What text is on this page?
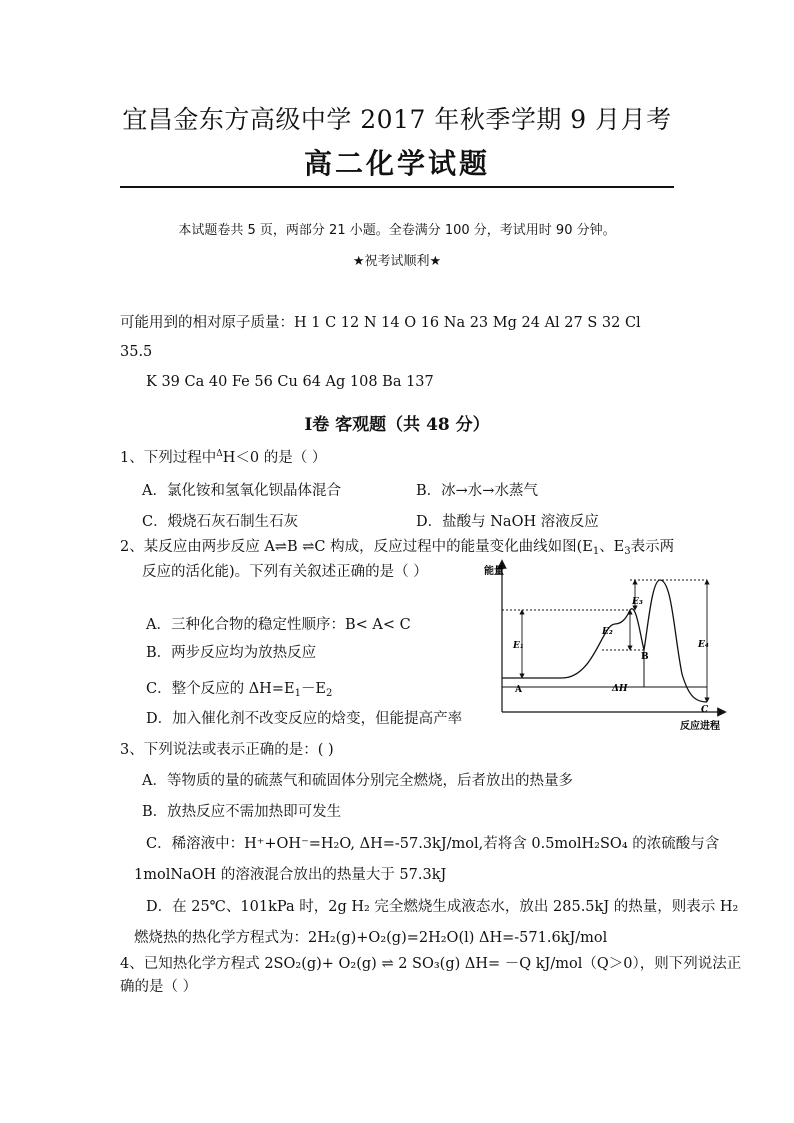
宜昌金东方高级中学 2017 年秋季学期 9 月月考
高二化学试题
本试题卷共 5 页，两部分 21 小题。全卷满分 100 分，考试用时 90 分钟。
★祝考试顺利★
可能用到的相对原子质量：H 1 C 12 N 14 O 16 Na 23 Mg 24 Al 27 S 32 Cl
35.5
K 39 Ca 40 Fe 56 Cu 64 Ag 108 Ba 137
Ⅰ卷 客观题（共 48 分）
1、下列过程中$^\Delta$H＜0 的是（ ）
A．氯化铵和氢氧化钡晶体混合	B．冰→水→水蒸气
C．煅烧石灰石制生石灰	D．盐酸与 NaOH 溶液反应
2、某反应由两步反应 A⇌B ⇌C 构成，反应过程中的能量变化曲线如图($E_1$、$E_3$表示两
反应的活化能)。下列有关叙述正确的是（ ）
A．三种化合物的稳定性顺序：B< A< C
B．两步反应均为放热反应
C．整个反应的 $\Delta H=E_1-E_2$
D．加入催化剂不改变反应的焓变，但能提高产率
能量
反应进程
E₁
E₂
E₃
E₄
A
B
C
ΔH
3、下列说法或表示正确的是：( )
A．等物质的量的硫蒸气和硫固体分别完全燃烧，后者放出的热量多
B．放热反应不需加热即可发生
C．稀溶液中：H⁺+OH⁻=H₂O, ΔH=-57.3kJ/mol,若将含 0.5molH₂SO₄ 的浓硫酸与含
1molNaOH 的溶液混合放出的热量大于 57.3kJ
D．在 25℃、101kPa 时，2g H₂ 完全燃烧生成液态水，放出 285.5kJ 的热量，则表示 H₂
燃烧热的热化学方程式为：2H₂(g)+O₂(g)=2H₂O(l) ΔH=-571.6kJ/mol
4、已知热化学方程式 2SO₂(g)+ O₂(g) ⇌ 2 SO₃(g) ΔH= －Q kJ/mol（Q＞0），则下列说法正
确的是（ ）
